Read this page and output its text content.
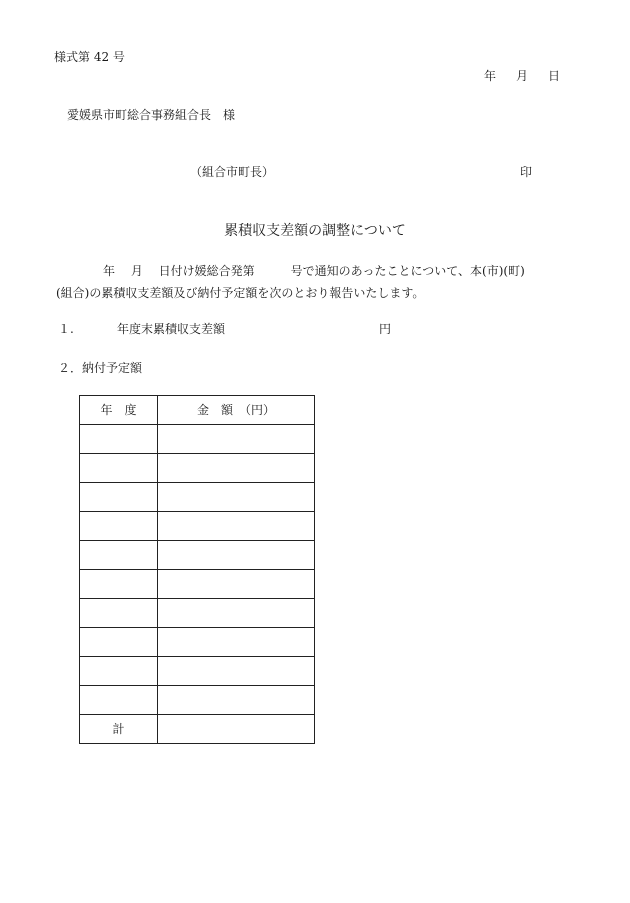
様式第 42 号
年 月 日
愛媛県市町総合事務組合長　様
（組合市町長）	印
累積収支差額の調整について
年　 月　 日付け媛総合発第　　　号で通知のあったことについて、本(市)(町)
(組合)の累積収支差額及び納付予定額を次のとおり報告いたします。
１.	年度末累積収支差額	円
２．納付予定額
年　度	金　額　（円）

計	
